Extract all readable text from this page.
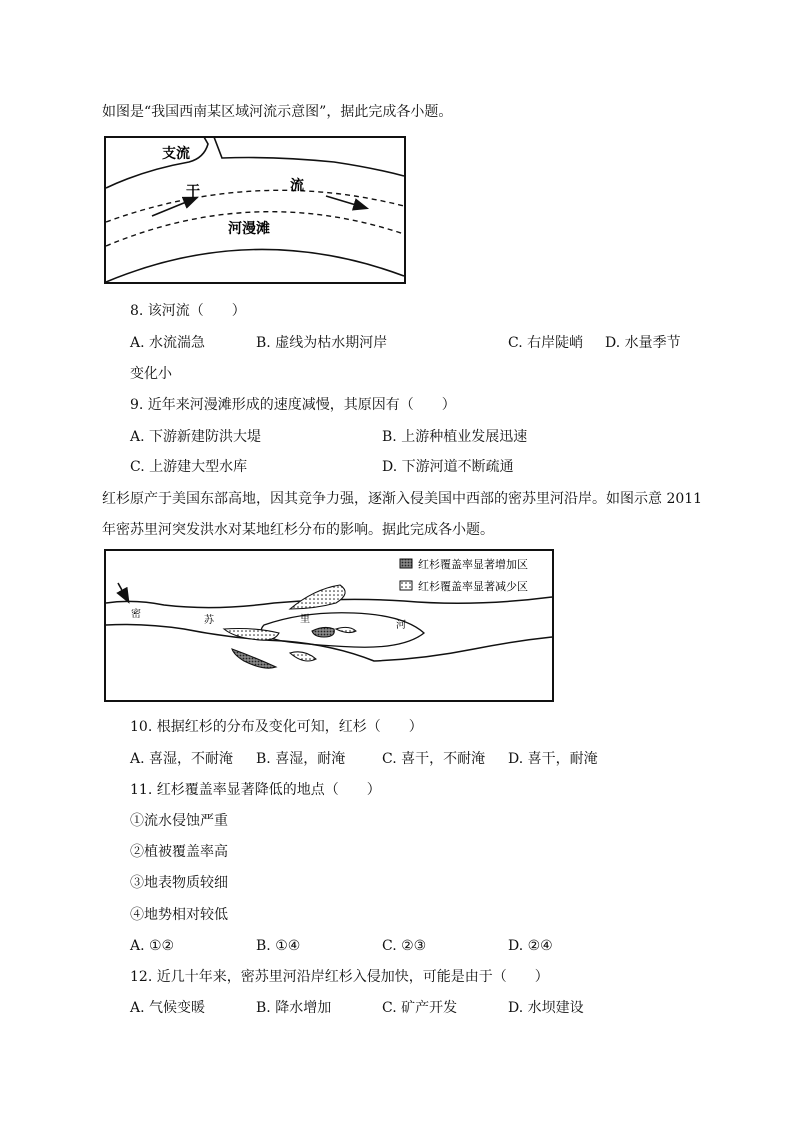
如图是“我国西南某区域河流示意图”，据此完成各小题。
支流
干	流
河漫滩
8. 该河流（　　）
A. 水流湍急	B. 虚线为枯水期河岸	C. 右岸陡峭 D. 水量季节
变化小
9. 近年来河漫滩形成的速度减慢，其原因有（　　）
A. 下游新建防洪大堤	B. 上游种植业发展迅速
C. 上游建大型水库	D. 下游河道不断疏通
红杉原产于美国东部高地，因其竞争力强，逐渐入侵美国中西部的密苏里河沿岸。如图示意 2011
年密苏里河突发洪水对某地红杉分布的影响。据此完成各小题。
密
苏	里
河
红杉覆盖率显著增加区
红杉覆盖率显著减少区
10. 根据红杉的分布及变化可知，红杉（　　）
A. 喜湿，不耐淹 B. 喜湿，耐淹	C. 喜干，不耐淹 D. 喜干，耐淹
11. 红杉覆盖率显著降低的地点（　　）
①流水侵蚀严重
②植被覆盖率高
③地表物质较细
④地势相对较低
A. ①②	B. ①④	C. ②③	D. ②④
12. 近几十年来，密苏里河沿岸红杉入侵加快，可能是由于（　　）
A. 气候变暖	B. 降水增加	C. 矿产开发	D. 水坝建设
